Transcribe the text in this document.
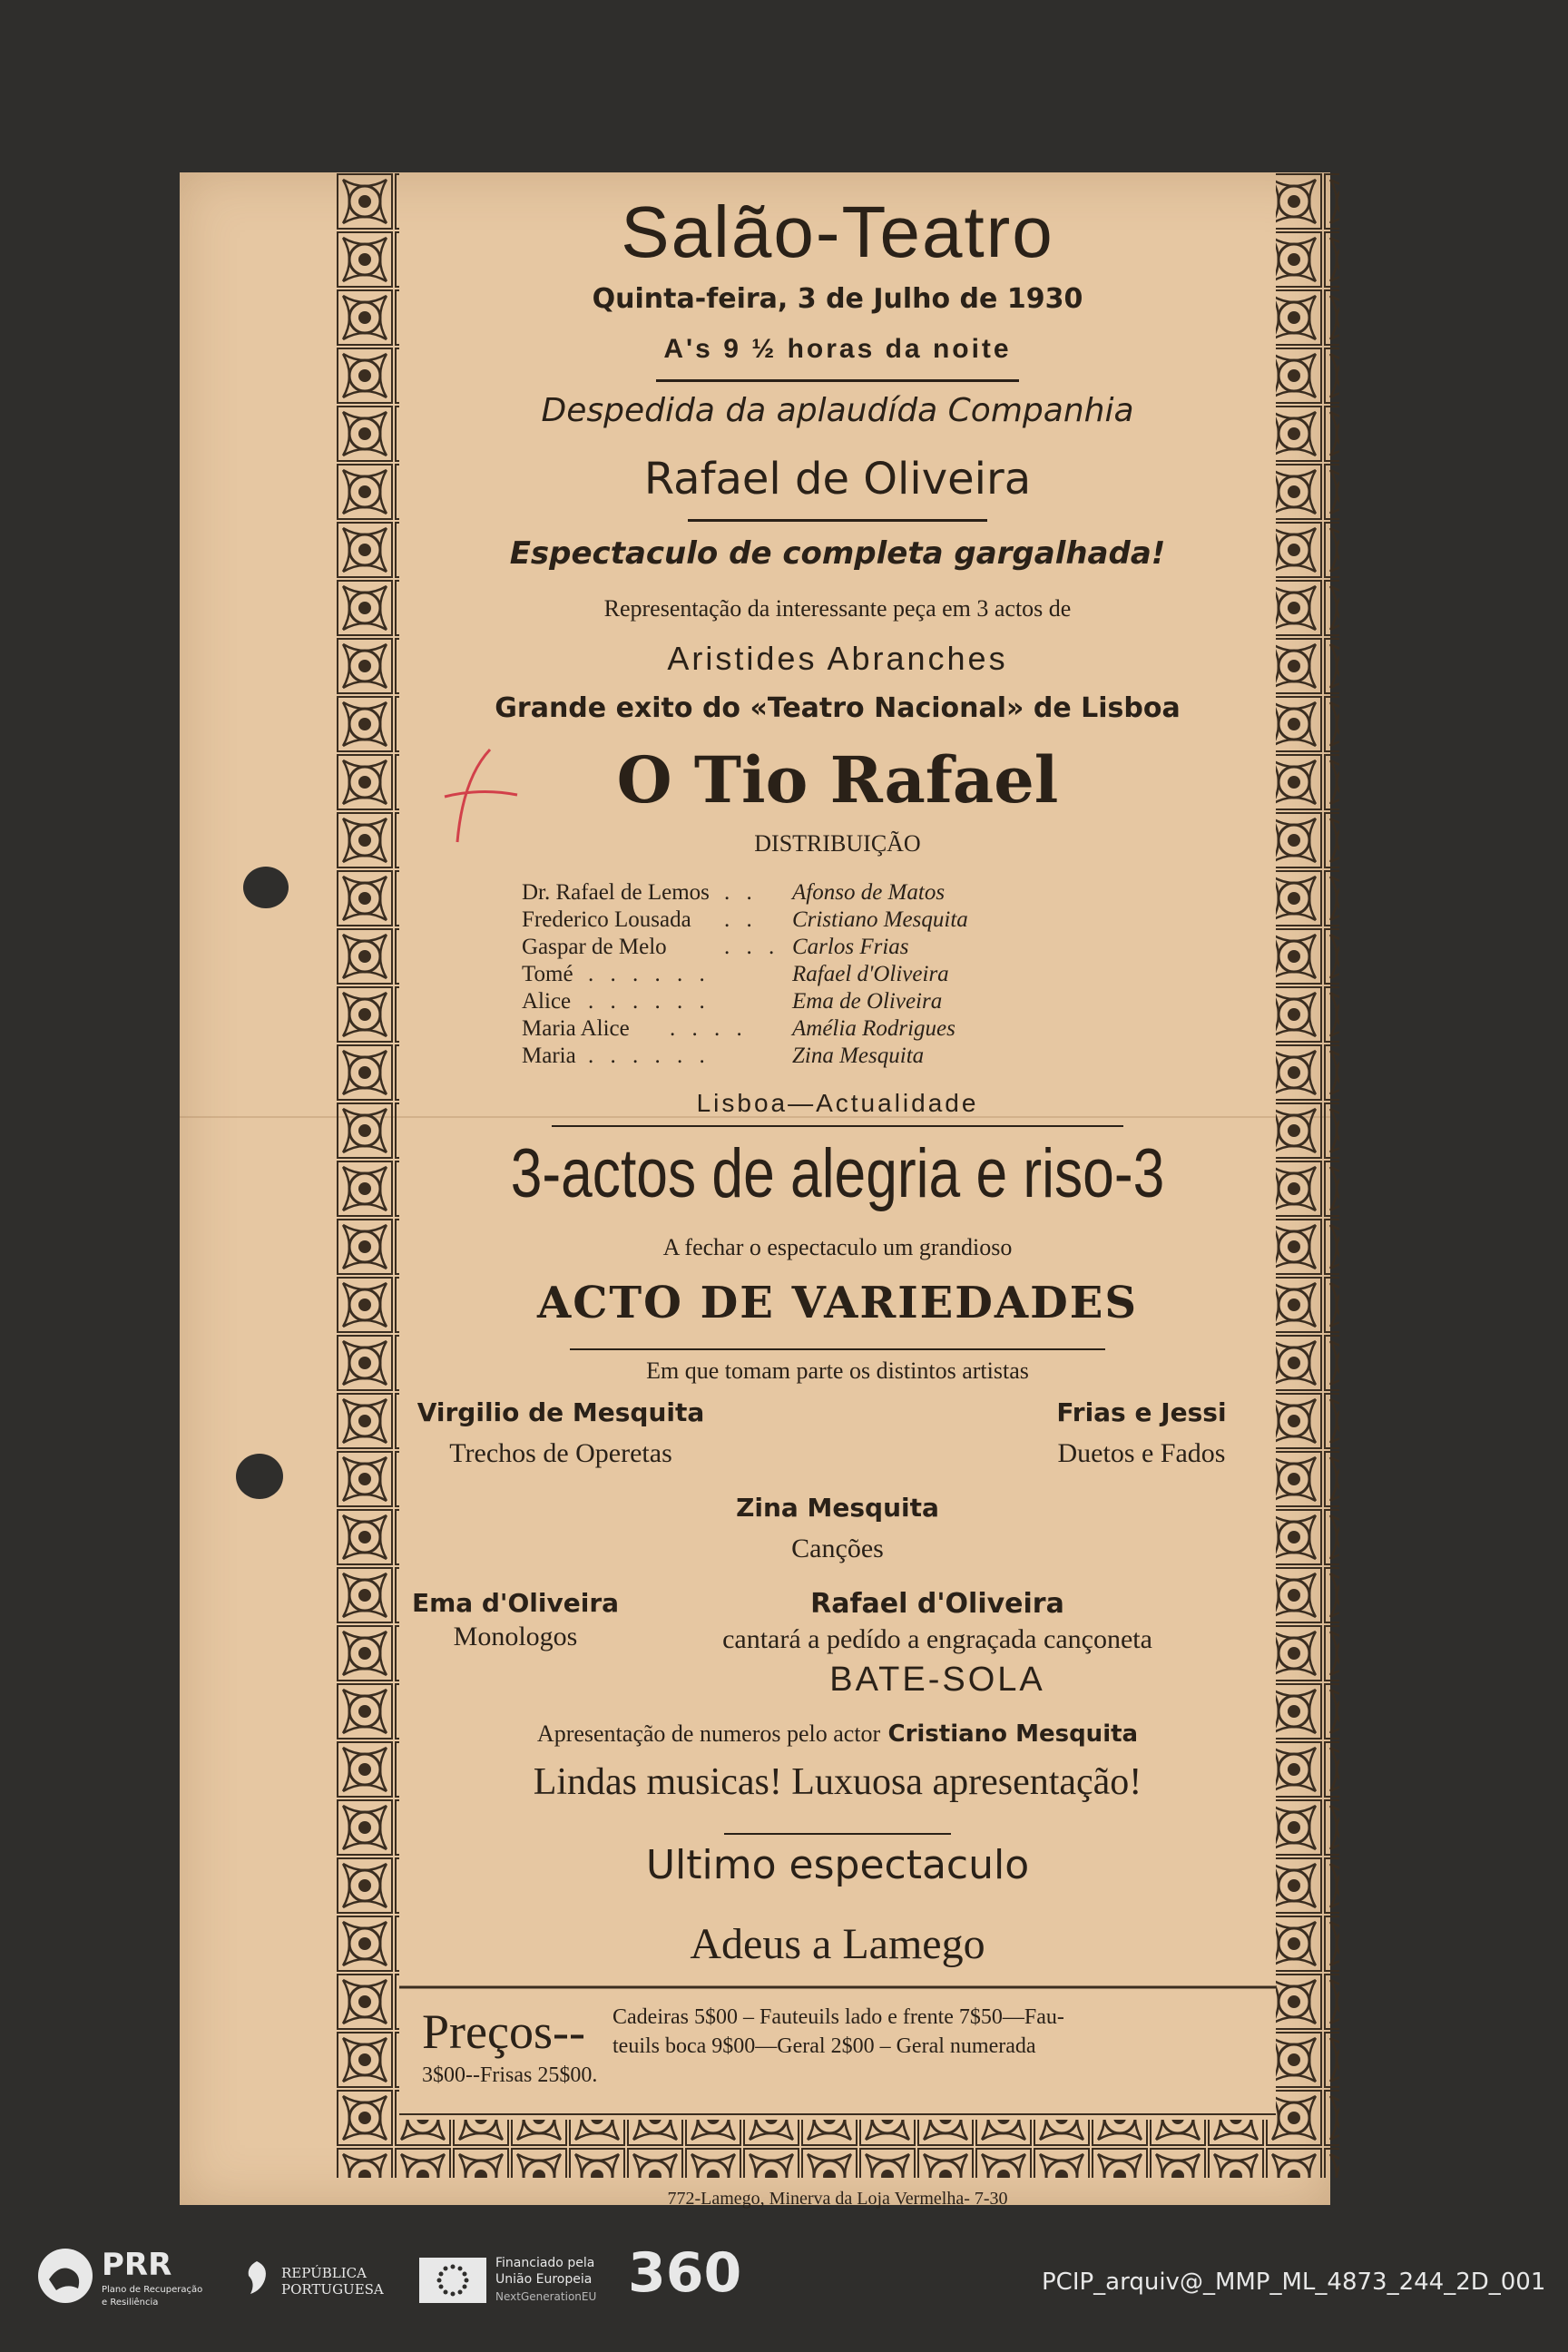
Salão-Teatro
Quinta-feira, 3 de Julho de 1930
A's 9 ½ horas da noite
Despedida da aplaudída Companhia
Rafael de Oliveira
Espectaculo de completa gargalhada!
Representação da interessante peça em 3 actos de
Aristides Abranches
Grande exito do «Teatro Nacional» de Lisboa
O Tio Rafael
DISTRIBUIÇÃO
Dr. Rafael de Lemos . . Afonso de Matos
Frederico Lousada . . Cristiano Mesquita
Gaspar de Melo	. . . Carlos Frias
Tomé . . . . . .	Rafael d'Oliveira
Alice . . . . . .	Ema de Oliveira
Maria Alice . . . . Amélia Rodrigues
Maria . . . . . .	Zina Mesquita
Lisboa—Actualidade
3-actos de alegria e riso-3
A fechar o espectaculo um grandioso
ACTO DE VARIEDADES
Em que tomam parte os distintos artistas
Virgilio de Mesquita
Trechos de Operetas
Frias e Jessi
Duetos e Fados
Zina Mesquita
Canções
Ema d'Oliveira
Monologos
Rafael d'Oliveira
cantará a pedído a engraçada cançoneta
BATE-SOLA
Apresentação de numeros pelo actor Cristiano Mesquita
Lindas musicas! Luxuosa apresentação!
Ultimo espectaculo
Adeus a Lamego
Preços--	Cadeiras 5$00 – Fauteuils lado e frente 7$50—Fau-
teuils boca 9$00—Geral 2$00 – Geral numerada
3$00--Frisas 25$00.
772-Lamego, Minerva da Loja Vermelha- 7-30
PRR
Plano de Recuperação
e Resiliência
REPÚBLICA
PORTUGUESA
Financiado pela
União Europeia
NextGenerationEU 360	PCIP_arquiv@_MMP_ML_4873_244_2D_001
